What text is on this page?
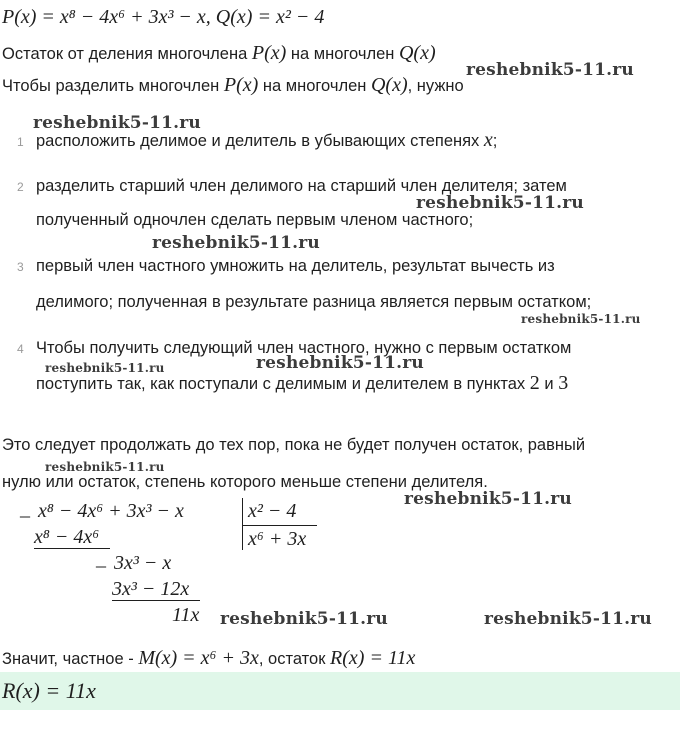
P(x) = x⁸ − 4x⁶ + 3x³ − x, Q(x) = x² − 4
Остаток от деления многочлена P(x) на многочлен Q(x)
Чтобы разделить многочлен P(x) на многочлен Q(x), нужно
1 расположить делимое и делитель в убывающих степенях x;
2 разделить старший член делимого на старший член делителя; затем
полученный одночлен сделать первым членом частного;
3 первый член частного умножить на делитель, результат вычесть из
делимого; полученная в результате разница является первым остатком;
4 Чтобы получить следующий член частного, нужно с первым остатком
поступить так, как поступали с делимым и делителем в пунктах 2 и 3
Это следует продолжать до тех пор, пока не будет получен остаток, равный
нулю или остаток, степень которого меньше степени делителя.
_ x⁸ − 4x⁶ + 3x³ − x
x⁸ − 4x⁶
_ 3x³ − x
3x³ − 12x
11x
x² − 4
x⁶ + 3x
Значит, частное - M(x) = x⁶ + 3x, остаток R(x) = 11x
R(x) = 11x
reshebnik5-11.ru
reshebnik5-11.ru
reshebnik5-11.ru
reshebnik5-11.ru
reshebnik5-11.ru
reshebnik5-11.ru	reshebnik5-11.ru
reshebnik5-11.ru
reshebnik5-11.ru
reshebnik5-11.ru	reshebnik5-11.ru
